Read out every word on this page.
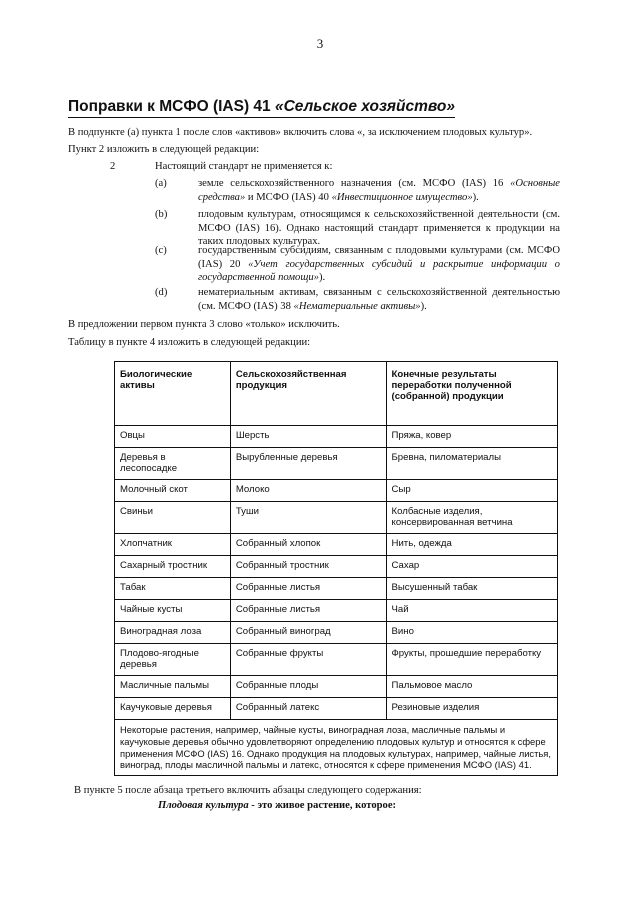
3
Поправки к МСФО (IAS) 41 «Сельское хозяйство»
В подпункте (а) пункта 1 после слов «активов» включить слова «, за исключением плодовых культур».
Пункт 2 изложить в следующей редакции:
2	Настоящий стандарт не применяется к:
(a)	земле сельскохозяйственного назначения (см. МСФО (IAS) 16 «Основные средства» и МСФО (IAS) 40 «Инвестиционное имущество»).
(b)	плодовым культурам, относящимся к сельскохозяйственной деятельности (см. МСФО (IAS) 16). Однако настоящий стандарт применяется к продукции на таких плодовых культурах.
(c)	государственным субсидиям, связанным с плодовыми культурами (см. МСФО (IAS) 20 «Учет государственных субсидий и раскрытие информации о государственной помощи»).
(d)	нематериальным активам, связанным с сельскохозяйственной деятельностью (см. МСФО (IAS) 38 «Нематериальные активы»).
В предложении первом пункта 3 слово «только» исключить.
Таблицу в пункте 4 изложить в следующей редакции:
Биологические активы	Сельскохозяйственная продукция	Конечные результаты переработки полученной (собранной) продукции
Овцы	Шерсть	Пряжа, ковер
Деревья в лесопосадке	Вырубленные деревья	Бревна, пиломатериалы
Молочный скот	Молоко	Сыр
Свиньи	Туши	Колбасные изделия, консервированная ветчина
Хлопчатник	Собранный хлопок	Нить, одежда
Сахарный тростник	Собранный тростник	Сахар
Табак	Собранные листья	Высушенный табак
Чайные кусты	Собранные листья	Чай
Виноградная лоза	Собранный виноград	Вино
Плодово-ягодные деревья	Собранные фрукты	Фрукты, прошедшие переработку
Масличные пальмы	Собранные плоды	Пальмовое масло
Каучуковые деревья	Собранный латекс	Резиновые изделия
Некоторые растения, например, чайные кусты, виноградная лоза, масличные пальмы и каучуковые деревья обычно удовлетворяют определению плодовых культур и относятся к сфере применения МСФО (IAS) 16. Однако продукция на плодовых культурах, например, чайные листья, виноград, плоды масличной пальмы и латекс, относятся к сфере применения МСФО (IAS) 41.		
В пункте 5 после абзаца третьего включить абзацы следующего содержания:
Плодовая культура - это живое растение, которое:
